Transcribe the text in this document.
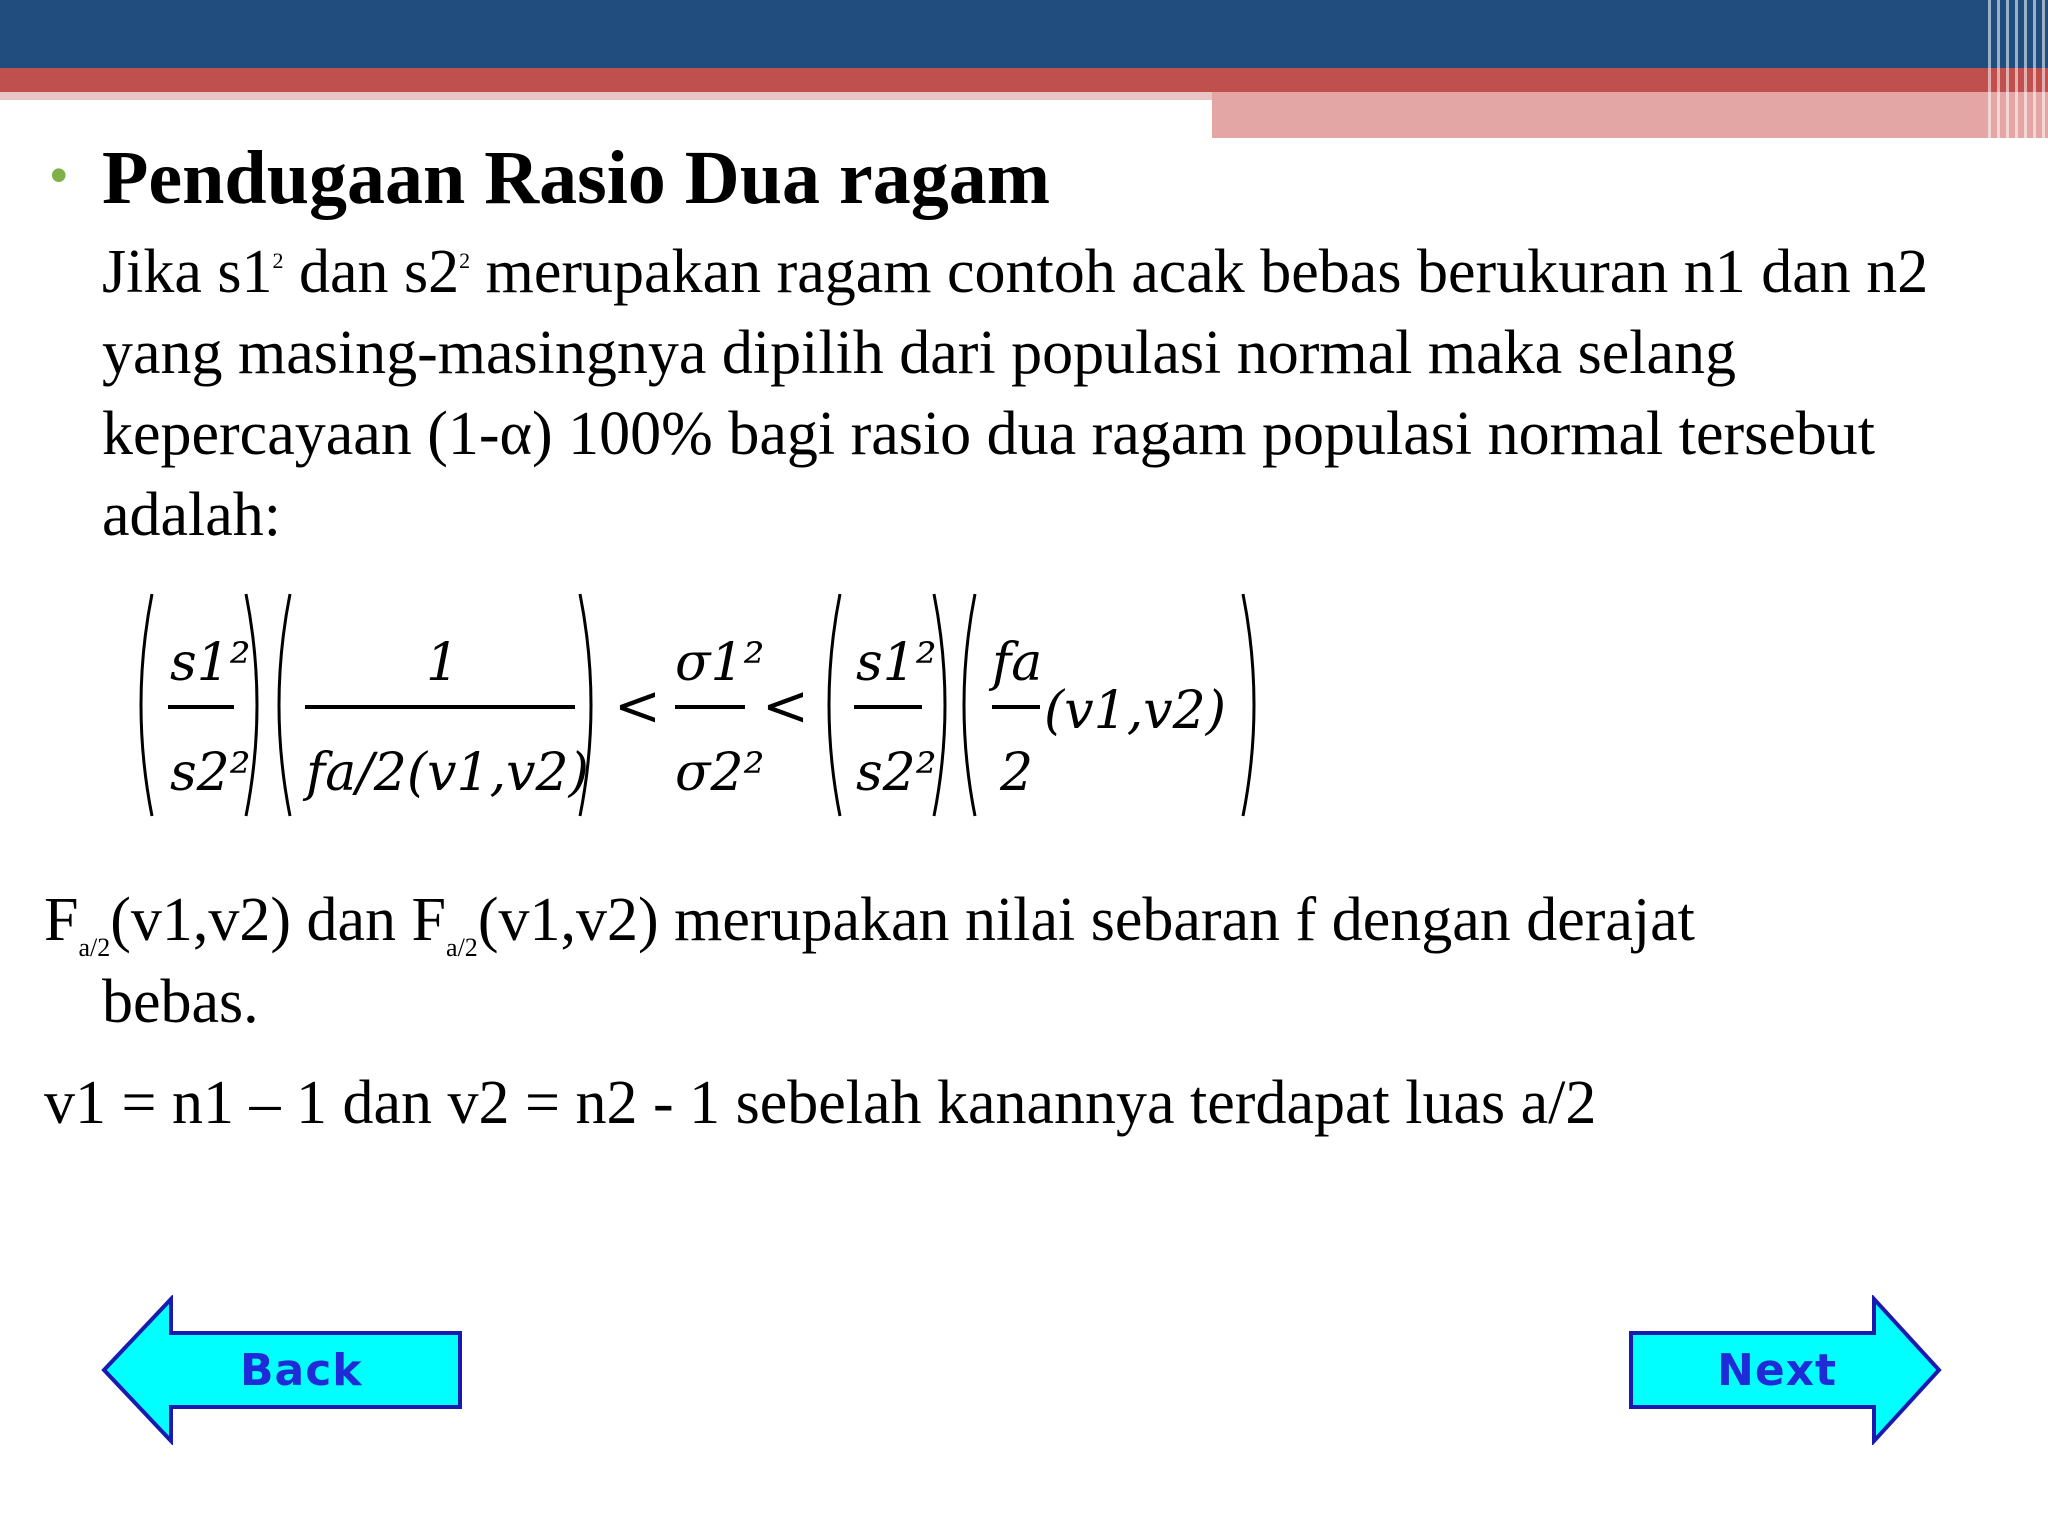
• Pendugaan Rasio Dua ragam

Jika $s1^2$ dan $s2^2$ merupakan ragam contoh acak bebas berukuran n1 dan n2 yang masing-masingnya dipilih dari populasi normal maka selang kepercayaan (1-α) 100% bagi rasio dua ragam populasi normal tersebut adalah:

s1²
s2²
1
fa/2(v1,v2)
<
σ1²
σ2²
<
s1²
s2²
fa
2
(v1,v2)

$F_{a/2}(v1,v2)$ dan $F_{a/2}(v1,v2)$ merupakan nilai sebaran f dengan derajat

bebas.

v1 = n1 – 1 dan v2 = n2 - 1 sebelah kanannya terdapat luas a/2

Back	Next
